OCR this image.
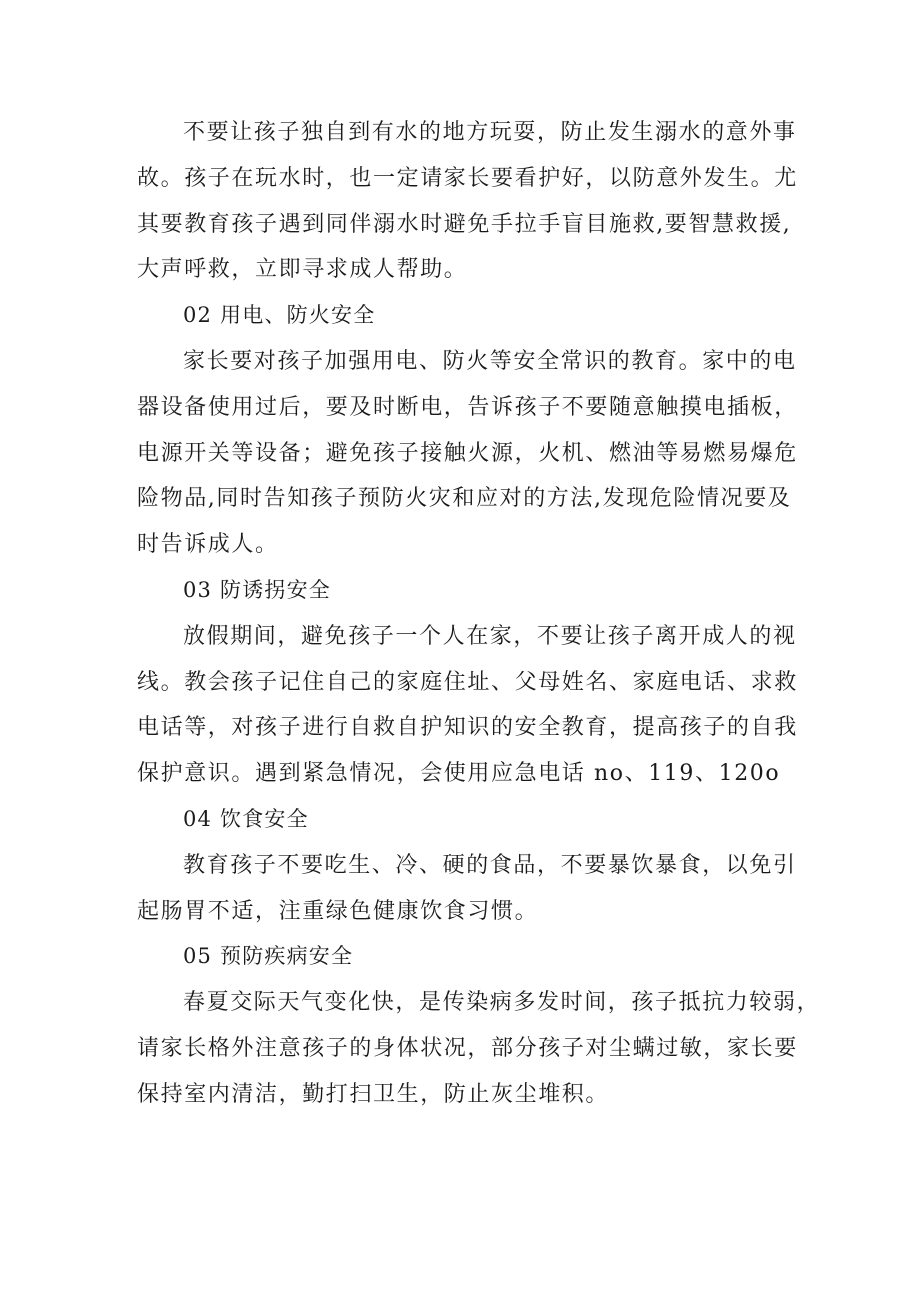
不要让孩子独自到有水的地方玩耍，防止发生溺水的意外事
故。孩子在玩水时，也一定请家长要看护好，以防意外发生。尤
其要教育孩子遇到同伴溺水时避免手拉手盲目施救,要智慧救援,
大声呼救，立即寻求成人帮助。
02 用电、防火安全
家长要对孩子加强用电、防火等安全常识的教育。家中的电
器设备使用过后，要及时断电，告诉孩子不要随意触摸电插板，
电源开关等设备；避免孩子接触火源，火机、燃油等易燃易爆危
险物品,同时告知孩子预防火灾和应对的方法,发现危险情况要及
时告诉成人。
03 防诱拐安全
放假期间，避免孩子一个人在家，不要让孩子离开成人的视
线。教会孩子记住自己的家庭住址、父母姓名、家庭电话、求救
电话等，对孩子进行自救自护知识的安全教育，提高孩子的自我
保护意识。遇到紧急情况，会使用应急电话 no、119、120o
04 饮食安全
教育孩子不要吃生、冷、硬的食品，不要暴饮暴食，以免引
起肠胃不适，注重绿色健康饮食习惯。
05 预防疾病安全
春夏交际天气变化快，是传染病多发时间，孩子抵抗力较弱，
请家长格外注意孩子的身体状况，部分孩子对尘螨过敏，家长要
保持室内清洁，勤打扫卫生，防止灰尘堆积。
